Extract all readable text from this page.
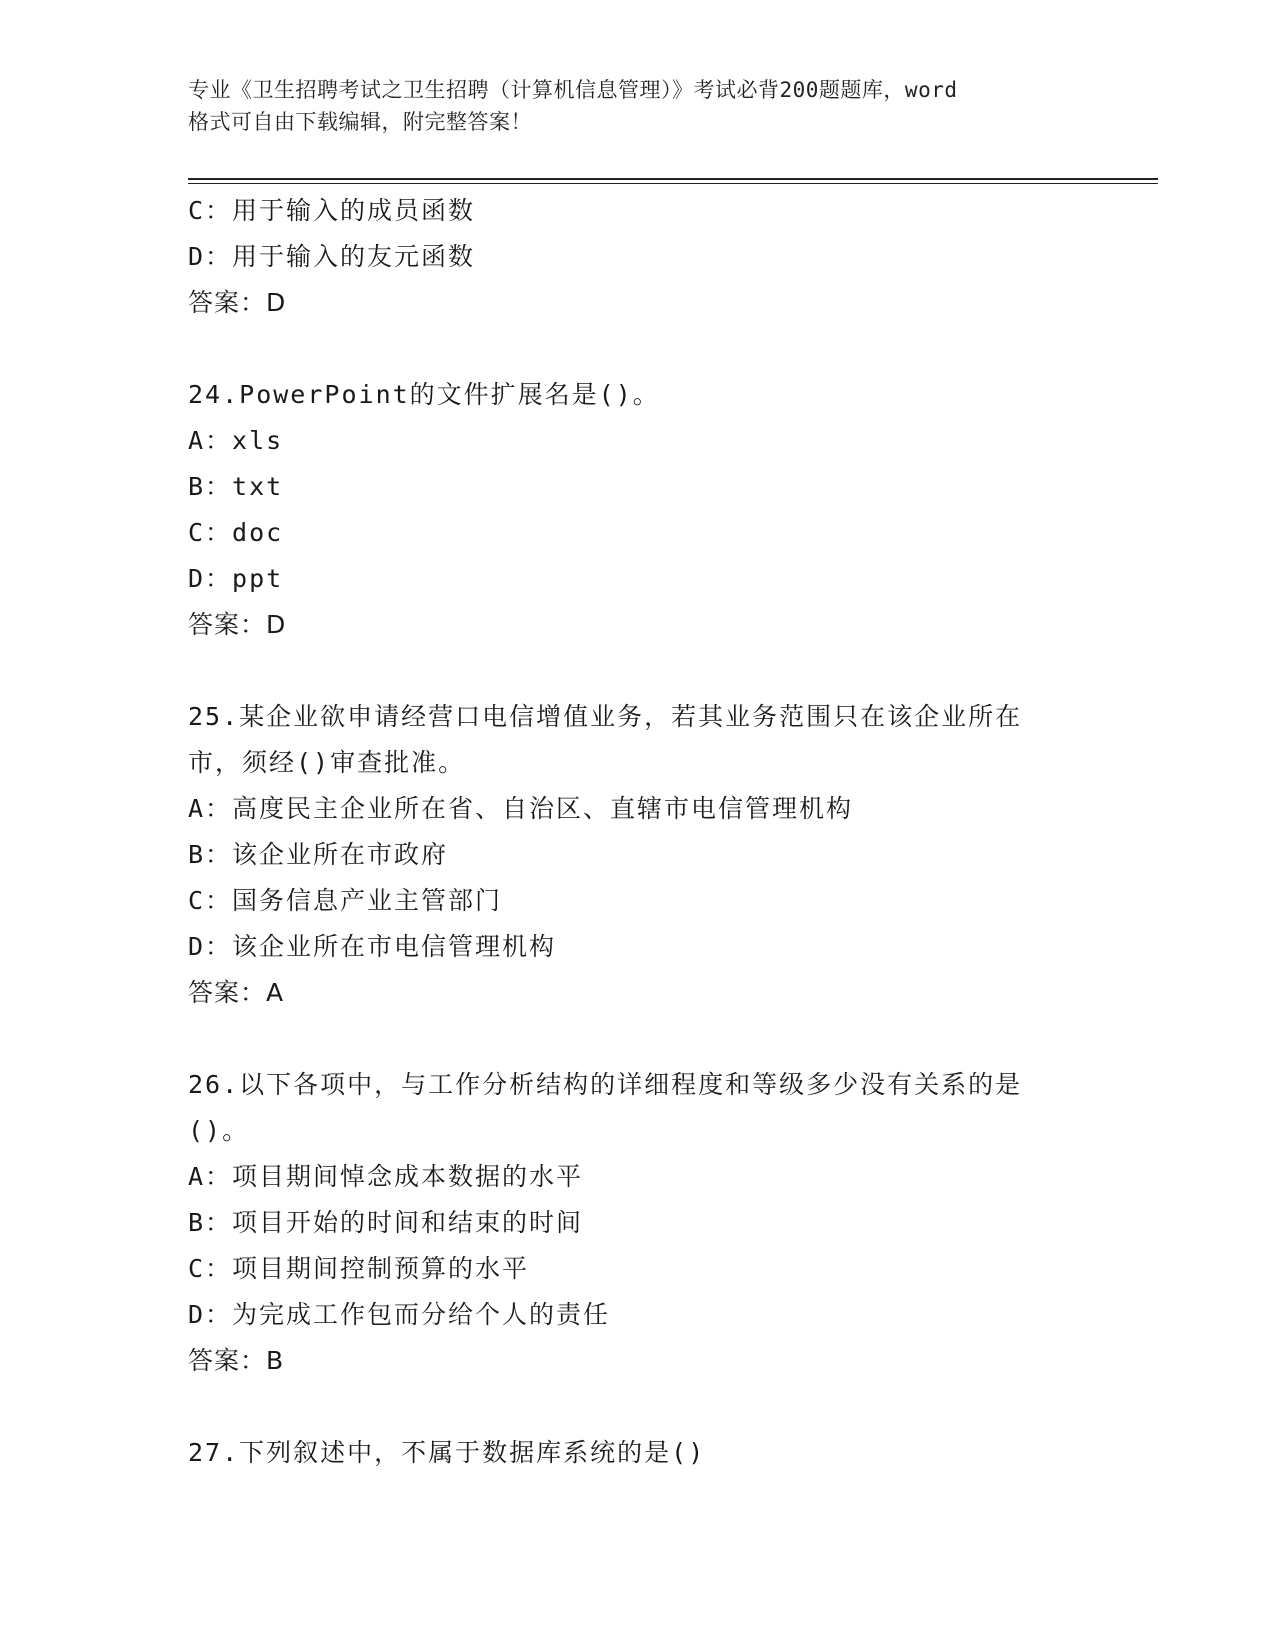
专业《卫生招聘考试之卫生招聘（计算机信息管理）》考试必背200题题库，word
格式可自由下载编辑，附完整答案！
C：用于输入的成员函数
D：用于输入的友元函数
答案：D
24.PowerPoint的文件扩展名是()。
A：xls
B：txt
C：doc
D：ppt
答案：D
25.某企业欲申请经营口电信增值业务，若其业务范围只在该企业所在
市，须经()审查批准。
A：高度民主企业所在省、自治区、直辖市电信管理机构
B：该企业所在市政府
C：国务信息产业主管部门
D：该企业所在市电信管理机构
答案：A
26.以下各项中，与工作分析结构的详细程度和等级多少没有关系的是
()。
A：项目期间悼念成本数据的水平
B：项目开始的时间和结束的时间
C：项目期间控制预算的水平
D：为完成工作包而分给个人的责任
答案：B
27.下列叙述中，不属于数据库系统的是()
